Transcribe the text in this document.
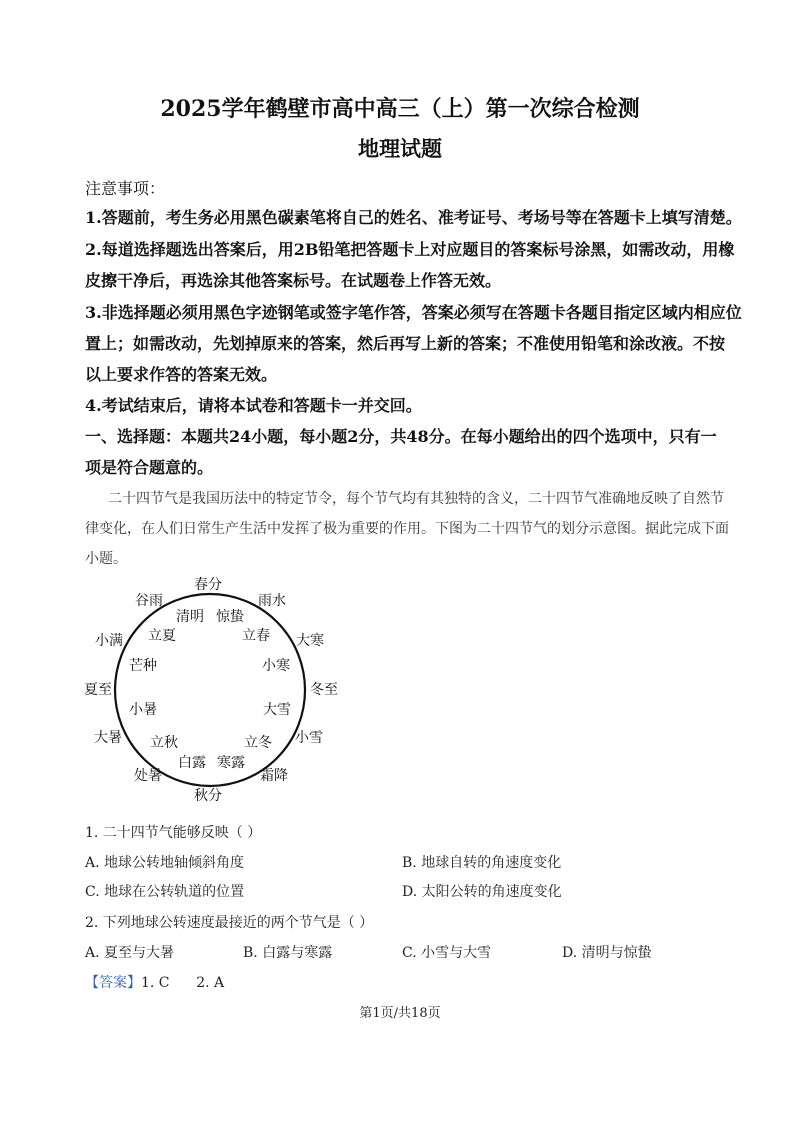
2025学年鹤壁市高中高三（上）第一次综合检测
地理试题
注意事项：
1.答题前，考生务必用黑色碳素笔将自己的姓名、准考证号、考场号等在答题卡上填写清楚。
2.每道选择题选出答案后，用2B铅笔把答题卡上对应题目的答案标号涂黑，如需改动，用橡
皮擦干净后，再选涂其他答案标号。在试题卷上作答无效。
3.非选择题必须用黑色字迹钢笔或签字笔作答，答案必须写在答题卡各题目指定区域内相应位
置上；如需改动，先划掉原来的答案，然后再写上新的答案；不准使用铅笔和涂改液。不按
以上要求作答的答案无效。
4.考试结束后，请将本试卷和答题卡一并交回。
一、选择题：本题共24小题，每小题2分，共48分。在每小题给出的四个选项中，只有一
项是符合题意的。
二十四节气是我国历法中的特定节令，每个节气均有其独特的含义，二十四节气准确地反映了自然节
律变化，在人们日常生产生活中发挥了极为重要的作用。下图为二十四节气的划分示意图。据此完成下面
小题。
春分
秋分
夏至	冬至
谷雨	雨水
小满	大寒
大暑	小雪
处暑	霜降
清明 惊蛰
立夏	立春
芒种	小寒
小暑	大雪
立秋	立冬
白露 寒露
1. 二十四节气能够反映（ ）
A. 地球公转地轴倾斜角度	B. 地球自转的角速度变化
C. 地球在公转轨道的位置	D. 太阳公转的角速度变化
2. 下列地球公转速度最接近的两个节气是（ ）
A. 夏至与大暑	B. 白露与寒露	C. 小雪与大雪	D. 清明与惊蛰
【答案】1. C      2. A
第1页/共18页
